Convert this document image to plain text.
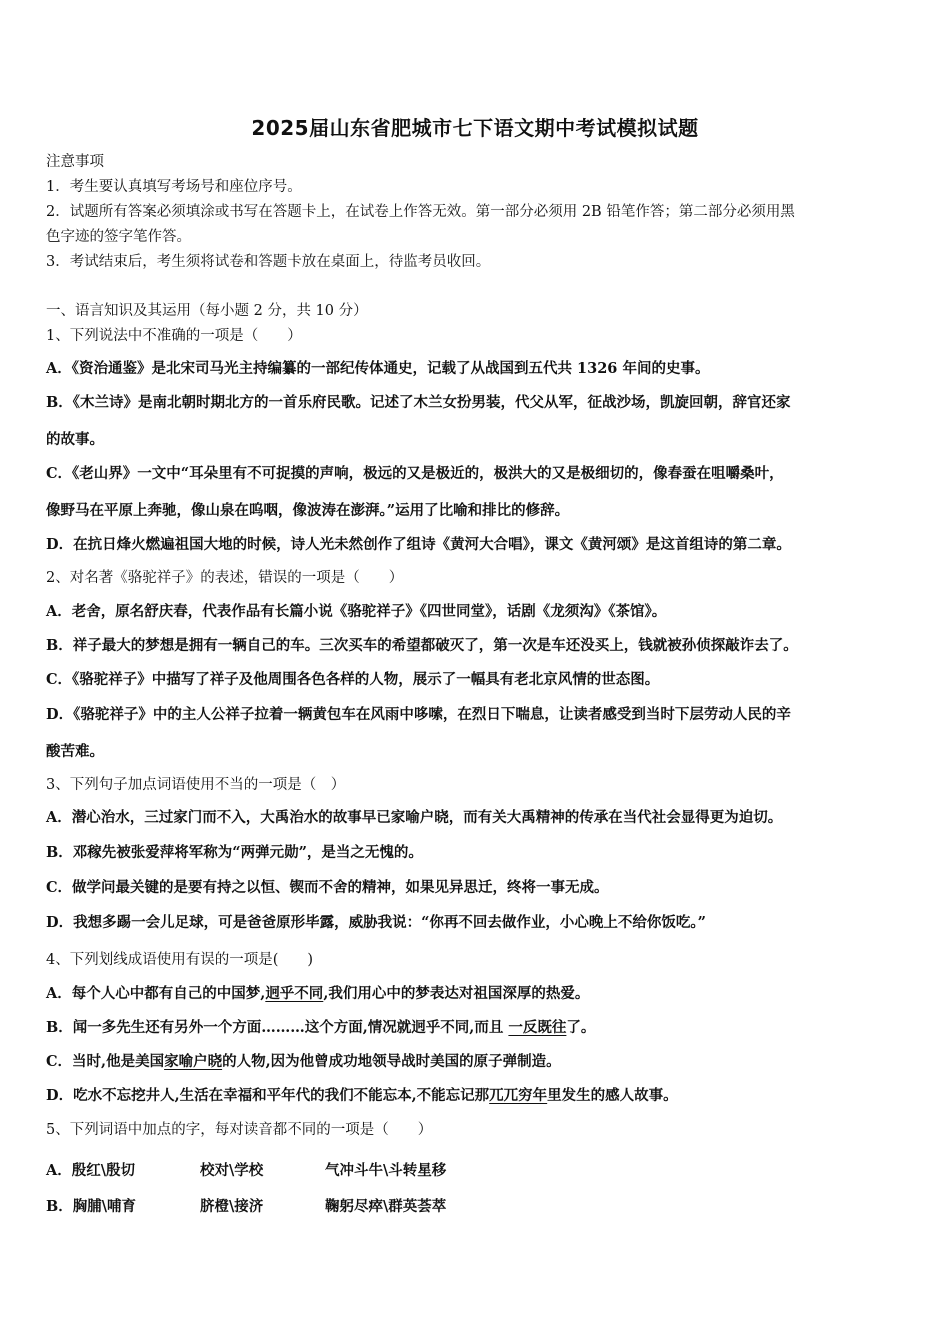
2025届山东省肥城市七下语文期中考试模拟试题
注意事项
1．考生要认真填写考场号和座位序号。
2．试题所有答案必须填涂或书写在答题卡上，在试卷上作答无效。第一部分必须用 2B 铅笔作答；第二部分必须用黑
色字迹的签字笔作答。
3．考试结束后，考生须将试卷和答题卡放在桌面上，待监考员收回。
一、语言知识及其运用（每小题 2 分，共 10 分）
1、下列说法中不准确的一项是（　　）
A．《资治通鉴》是北宋司马光主持编纂的一部纪传体通史，记载了从战国到五代共 1326 年间的史事。
B．《木兰诗》是南北朝时期北方的一首乐府民歌。记述了木兰女扮男装，代父从军，征战沙场，凯旋回朝，辞官还家
的故事。
C．《老山界》一文中“耳朵里有不可捉摸的声响，极远的又是极近的，极洪大的又是极细切的，像春蚕在咀嚼桑叶，
像野马在平原上奔驰，像山泉在呜咽，像波涛在澎湃。”运用了比喻和排比的修辞。
D．在抗日烽火燃遍祖国大地的时候，诗人光未然创作了组诗《黄河大合唱》，课文《黄河颂》是这首组诗的第二章。
2、对名著《骆驼祥子》的表述，错误的一项是（　　）
A．老舍，原名舒庆春，代表作品有长篇小说《骆驼祥子》《四世同堂》，话剧《龙须沟》《茶馆》。
B．祥子最大的梦想是拥有一辆自己的车。三次买车的希望都破灭了，第一次是车还没买上，钱就被孙侦探敲诈去了。
C．《骆驼祥子》中描写了祥子及他周围各色各样的人物，展示了一幅具有老北京风情的世态图。
D．《骆驼祥子》中的主人公祥子拉着一辆黄包车在风雨中哆嗦，在烈日下喘息，让读者感受到当时下层劳动人民的辛
酸苦难。
3、下列句子加点词语使用不当的一项是（　）
A．潜心治水，三过家门而不入，大禹治水的故事早已家喻户晓，而有关大禹精神的传承在当代社会显得更为迫切。
B．邓稼先被张爱萍将军称为“两弹元勋”，是当之无愧的。
C．做学问最关键的是要有持之以恒、锲而不舍的精神，如果见异思迁，终将一事无成。
D．我想多踢一会儿足球，可是爸爸原形毕露，威胁我说：“你再不回去做作业，小心晚上不给你饭吃。”
4、下列划线成语使用有误的一项是(　　)
A．每个人心中都有自己的中国梦,迥乎不同,我们用心中的梦表达对祖国深厚的热爱。
B．闻一多先生还有另外一个方面………这个方面,情况就迥乎不同,而且 一反既往了。
C．当时,他是美国家喻户晓的人物,因为他曾成功地领导战时美国的原子弹制造。
D．吃水不忘挖井人,生活在幸福和平年代的我们不能忘本,不能忘记那兀兀穷年里发生的感人故事。
5、下列词语中加点的字，每对读音都不同的一项是（　　）
A．殷红\殷切	校对\学校	气冲斗牛\斗转星移
B．胸脯\哺育	脐橙\接济	鞠躬尽瘁\群英荟萃
